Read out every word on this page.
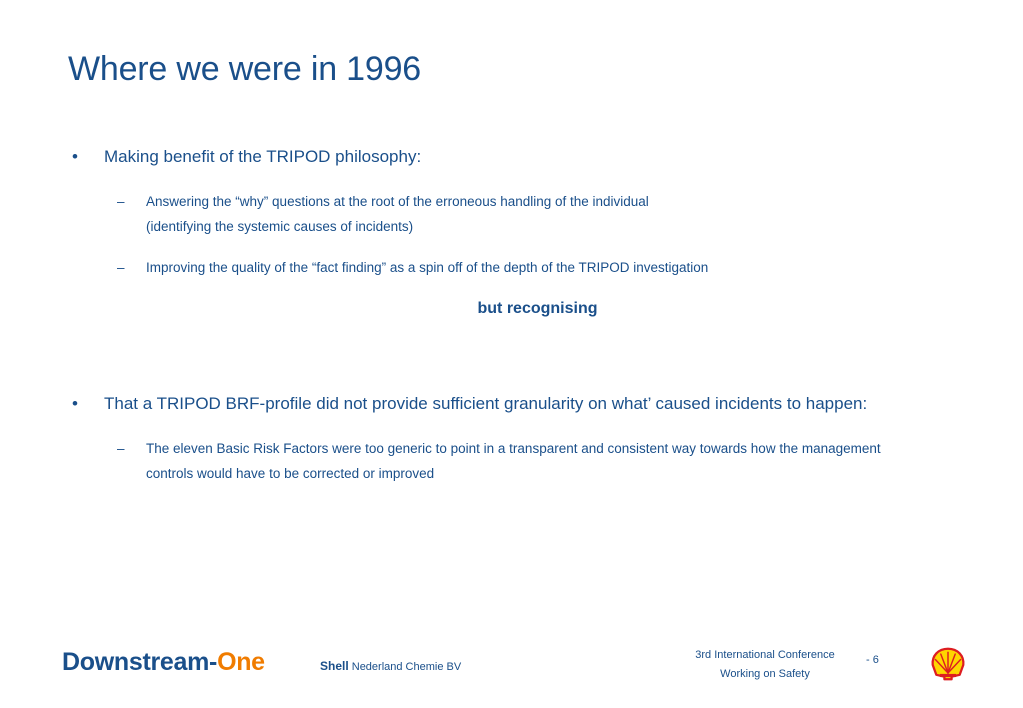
Where we were in 1996
• Making benefit of the TRIPOD philosophy:
– Answering the “why” questions at the root of the erroneous handling of the individual
(identifying the systemic causes of incidents)
– Improving the quality of the “fact finding” as a spin off of the depth of the TRIPOD investigation
but recognising
• That a TRIPOD BRF-profile did not provide sufficient granularity on what’ caused incidents to happen:
– The eleven Basic Risk Factors were too generic to point in a transparent and consistent way towards how the management
controls would have to be corrected or improved
Downstream-One	Shell Nederland Chemie BV
3rd International Conference
Working on Safety
- 6
